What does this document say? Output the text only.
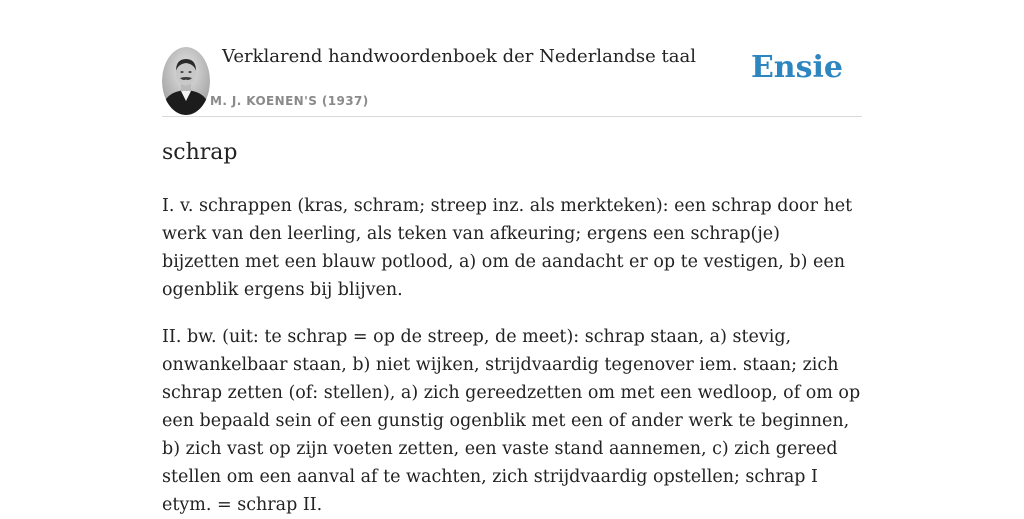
Verklarend handwoordenboek der Nederlandse taal
M. J. KOENEN'S (1937)
Ensie
schrap

I. v. schrappen (kras, schram; streep inz. als merkteken): een schrap door het werk van den leerling, als teken van afkeuring; ergens een schrap(je) bijzetten met een blauw potlood, a) om de aandacht er op te vestigen, b) een ogenblik ergens bij blijven.

II. bw. (uit: te schrap = op de streep, de meet): schrap staan, a) stevig, onwankelbaar staan, b) niet wijken, strijdvaardig tegenover iem. staan; zich schrap zetten (of: stellen), a) zich gereedzetten om met een wedloop, of om op een bepaald sein of een gunstig ogenblik met een of ander werk te beginnen, b) zich vast op zijn voeten zetten, een vaste stand aannemen, c) zich gereed stellen om een aanval af te wachten, zich strijdvaardig opstellen; schrap I etym. = schrap II.
